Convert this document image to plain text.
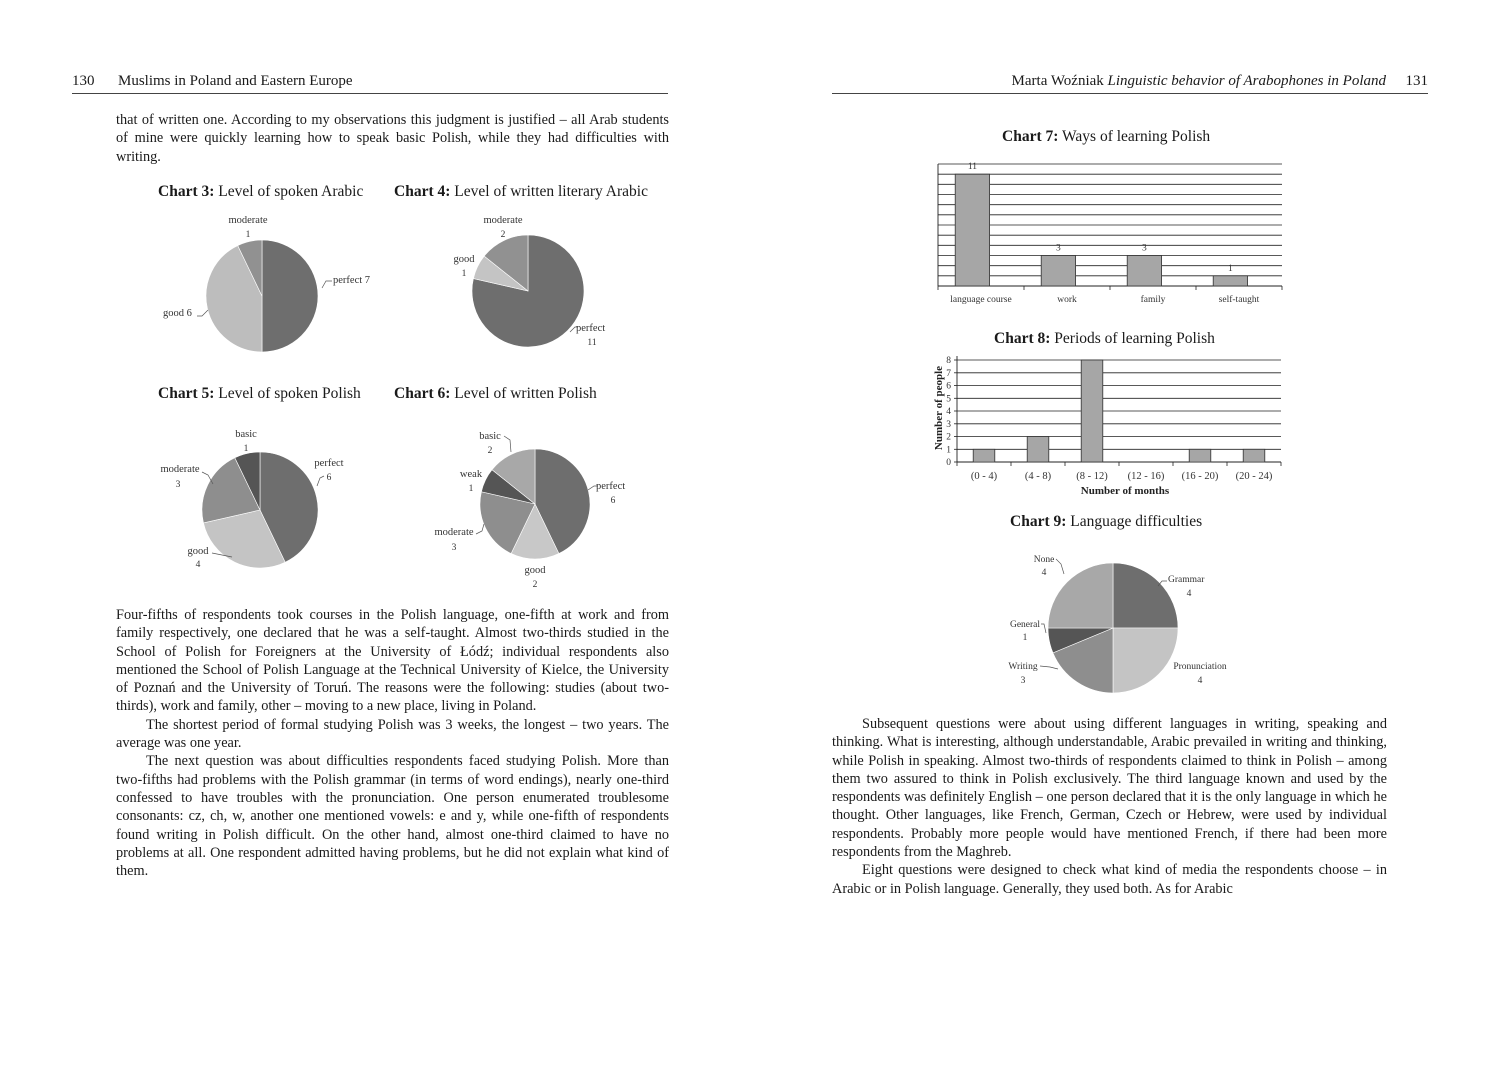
130 Muslims in Poland and Eastern Europe

that of written one. According to my observations this judgment is justified – all Arab students of mine were quickly learning how to speak basic Polish, while they had difficulties with writing.

Chart 3: Level of spoken Arabic
moderate
1
perfect 7
good 6
Chart 4: Level of written literary Arabic
moderate
2
good
1
perfect
11
Chart 5: Level of spoken Polish
basic
1
perfect
6
moderate
3
good
4
Chart 6: Level of written Polish
basic
2
weak
1	perfect
6
moderate
3
good
2

Four-fifths of respondents took courses in the Polish language, one-fifth at work and from family respectively, one declared that he was a self-taught. Almost two-thirds studied in the School of Polish for Foreigners at the University of Łódź; individual respondents also mentioned the School of Polish Language at the Technical University of Kielce, the University of Poznań and the University of Toruń. The reasons were the following: studies (about two-thirds), work and family, other – moving to a new place, living in Poland.

The shortest period of formal studying Polish was 3 weeks, the longest – two years. The average was one year.

The next question was about difficulties respondents faced studying Polish. More than two-fifths had problems with the Polish grammar (in terms of word endings), nearly one-third confessed to have troubles with the pronunciation. One person enumerated troublesome consonants: cz, ch, w, another one mentioned vowels: e and y, while one-fifth of respondents found writing in Polish difficult. On the other hand, almost one-third claimed to have no problems at all. One respondent admitted having problems, but he did not explain what kind of them.

Marta Woźniak Linguistic behavior of Arabophones in Poland 131
Chart 7: Ways of learning Polish
11
3	3
1
language course	work	family	self-taught
Chart 8: Periods of learning Polish
Number of people
0
1
2
3
4
5
6
7
8
(0 - 4)	(4 - 8) (8 - 12) (12 - 16) (16 - 20) (20 - 24)
Number of months
Chart 9: Language difficulties
None
4
Grammar
4
General
1
Writing
3
Pronunciation
4

Subsequent questions were about using different languages in writing, speaking and thinking. What is interesting, although understandable, Arabic prevailed in writing and thinking, while Polish in speaking. Almost two-thirds of respondents claimed to think in Polish – among them two assured to think in Polish exclusively. The third language known and used by the respondents was definitely English – one person declared that it is the only language in which he thought. Other languages, like French, German, Czech or Hebrew, were used by individual respondents. Probably more people would have mentioned French, if there had been more respondents from the Maghreb.

Eight questions were designed to check what kind of media the respondents choose – in Arabic or in Polish language. Generally, they used both. As for Arabic
